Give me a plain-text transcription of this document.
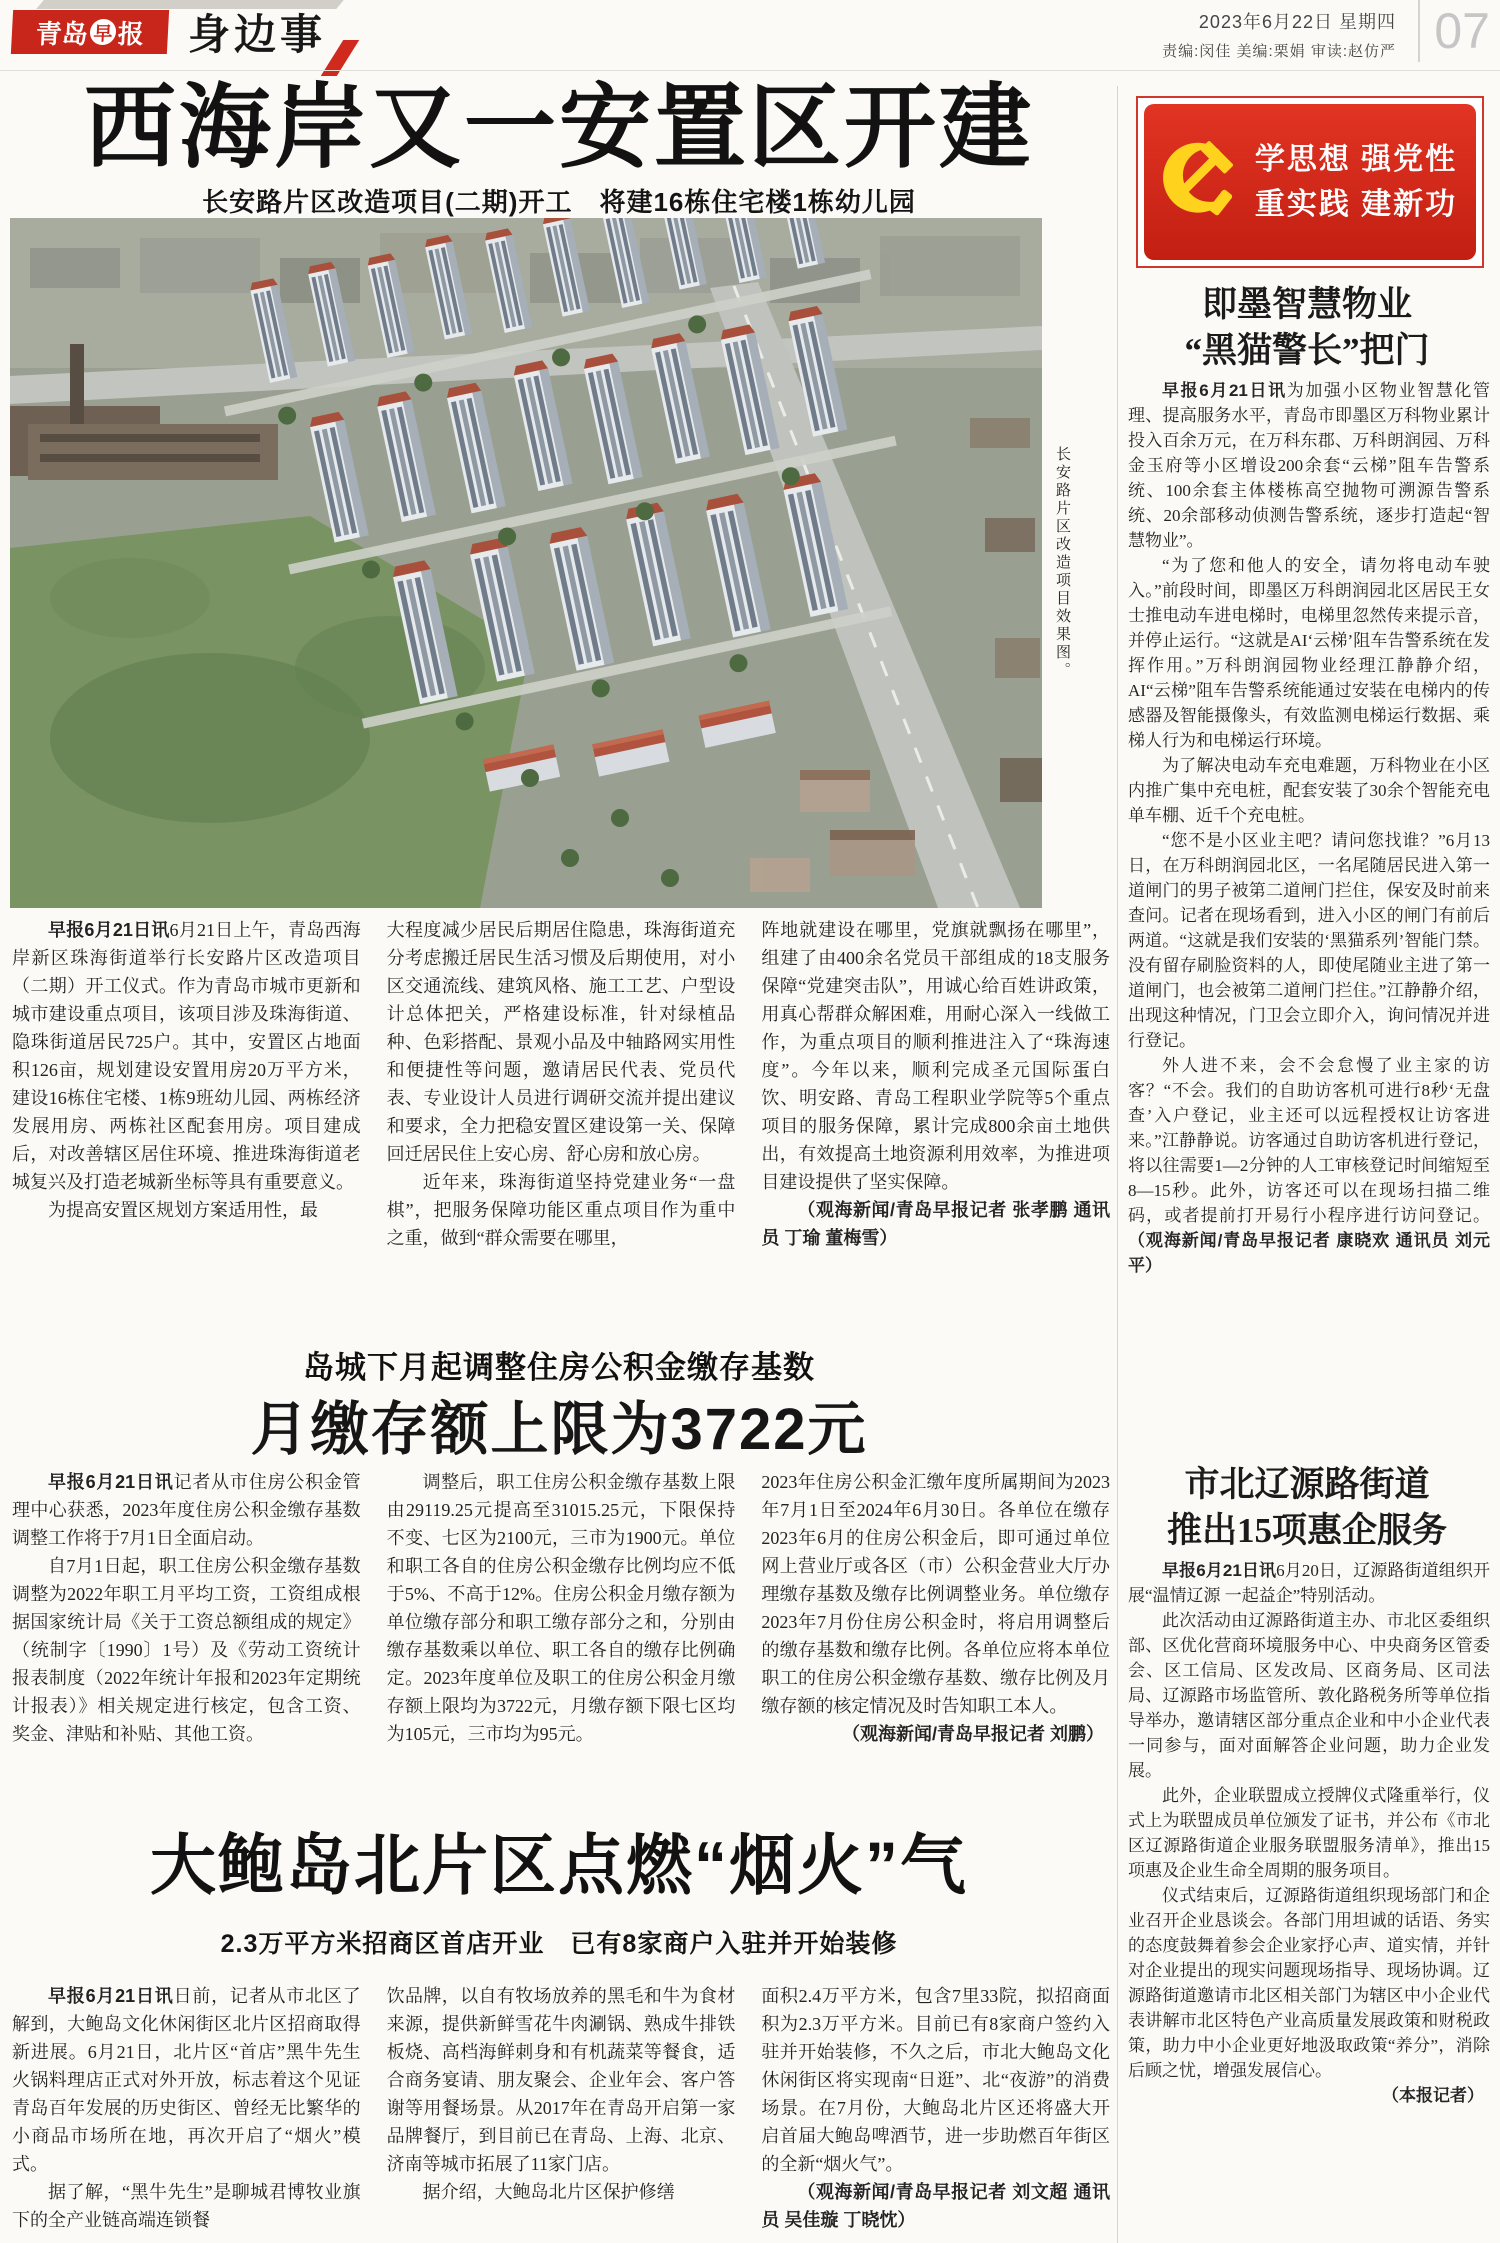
青岛 早 报 身边事	2023年6月22日 星期四
责编:闵佳 美编:栗娟 审读:赵仿严 07
西海岸又一安置区开建
长安路片区改造项目(二期)开工　将建16栋住宅楼1栋幼儿园
长安路片区改造项目效果图。

早报6月21日讯6月21日上午，青岛西海岸新区珠海街道举行长安路片区改造项目（二期）开工仪式。作为青岛市城市更新和城市建设重点项目，该项目涉及珠海街道、隐珠街道居民725户。其中，安置区占地面积126亩，规划建设安置用房20万平方米，建设16栋住宅楼、1栋9班幼儿园、两栋经济发展用房、两栋社区配套用房。项目建成后，对改善辖区居住环境、推进珠海街道老城复兴及打造老城新坐标等具有重要意义。

为提高安置区规划方案适用性，最

大程度减少居民后期居住隐患，珠海街道充分考虑搬迁居民生活习惯及后期使用，对小区交通流线、建筑风格、施工工艺、户型设计总体把关，严格建设标准，针对绿植品种、色彩搭配、景观小品及中轴路网实用性和便捷性等问题，邀请居民代表、党员代表、专业设计人员进行调研交流并提出建议和要求，全力把稳安置区建设第一关、保障回迁居民住上安心房、舒心房和放心房。

近年来，珠海街道坚持党建业务“一盘棋”，把服务保障功能区重点项目作为重中之重，做到“群众需要在哪里，

阵地就建设在哪里，党旗就飘扬在哪里”，组建了由400余名党员干部组成的18支服务保障“党建突击队”，用诚心给百姓讲政策，用真心帮群众解困难，用耐心深入一线做工作，为重点项目的顺利推进注入了“珠海速度”。今年以来，顺利完成圣元国际蛋白饮、明安路、青岛工程职业学院等5个重点项目的服务保障，累计完成800余亩土地供出，有效提高土地资源利用效率，为推进项目建设提供了坚实保障。

（观海新闻/青岛早报记者 张孝鹏 通讯员 丁瑜 董梅雪）

岛城下月起调整住房公积金缴存基数
月缴存额上限为3722元

早报6月21日讯记者从市住房公积金管理中心获悉，2023年度住房公积金缴存基数调整工作将于7月1日全面启动。

自7月1日起，职工住房公积金缴存基数调整为2022年职工月平均工资，工资组成根据国家统计局《关于工资总额组成的规定》（统制字〔1990〕1号）及《劳动工资统计报表制度（2022年统计年报和2023年定期统计报表）》相关规定进行核定，包含工资、奖金、津贴和补贴、其他工资。

调整后，职工住房公积金缴存基数上限由29119.25元提高至31015.25元，下限保持不变、七区为2100元，三市为1900元。单位和职工各自的住房公积金缴存比例均应不低于5%、不高于12%。住房公积金月缴存额为单位缴存部分和职工缴存部分之和，分别由缴存基数乘以单位、职工各自的缴存比例确定。2023年度单位及职工的住房公积金月缴存额上限均为3722元，月缴存额下限七区均为105元，三市均为95元。

2023年住房公积金汇缴年度所属期间为2023年7月1日至2024年6月30日。各单位在缴存2023年6月的住房公积金后，即可通过单位网上营业厅或各区（市）公积金营业大厅办理缴存基数及缴存比例调整业务。单位缴存2023年7月份住房公积金时，将启用调整后的缴存基数和缴存比例。各单位应将本单位职工的住房公积金缴存基数、缴存比例及月缴存额的核定情况及时告知职工本人。

（观海新闻/青岛早报记者 刘鹏）

大鲍岛北片区点燃“烟火”气
2.3万平方米招商区首店开业　已有8家商户入驻并开始装修

早报6月21日讯日前，记者从市北区了解到，大鲍岛文化休闲街区北片区招商取得新进展。6月21日，北片区“首店”黑牛先生火锅料理店正式对外开放，标志着这个见证青岛百年发展的历史街区、曾经无比繁华的小商品市场所在地，再次开启了“烟火”模式。

据了解，“黑牛先生”是聊城君博牧业旗下的全产业链高端连锁餐

饮品牌，以自有牧场放养的黑毛和牛为食材来源，提供新鲜雪花牛肉涮锅、熟成牛排铁板烧、高档海鲜刺身和有机蔬菜等餐食，适合商务宴请、朋友聚会、企业年会、客户答谢等用餐场景。从2017年在青岛开启第一家品牌餐厅，到目前已在青岛、上海、北京、济南等城市拓展了11家门店。

据介绍，大鲍岛北片区保护修缮

面积2.4万平方米，包含7里33院，拟招商面积为2.3万平方米。目前已有8家商户签约入驻并开始装修，不久之后，市北大鲍岛文化休闲街区将实现南“日逛”、北“夜游”的消费场景。在7月份，大鲍岛北片区还将盛大开启首届大鲍岛啤酒节，进一步助燃百年街区的全新“烟火气”。

（观海新闻/青岛早报记者 刘文超 通讯员 吴佳璇 丁晓忱）

学思想 强党性
重实践 建新功
即墨智慧物业
“黑猫警长”把门

早报6月21日讯为加强小区物业智慧化管理、提高服务水平，青岛市即墨区万科物业累计投入百余万元，在万科东郡、万科朗润园、万科金玉府等小区增设200余套“云梯”阻车告警系统、100余套主体楼栋高空抛物可溯源告警系统、20余部移动侦测告警系统，逐步打造起“智慧物业”。

“为了您和他人的安全，请勿将电动车驶入。”前段时间，即墨区万科朗润园北区居民王女士推电动车进电梯时，电梯里忽然传来提示音，并停止运行。“这就是AI‘云梯’阻车告警系统在发挥作用。”万科朗润园物业经理江静静介绍，AI“云梯”阻车告警系统能通过安装在电梯内的传感器及智能摄像头，有效监测电梯运行数据、乘梯人行为和电梯运行环境。

为了解决电动车充电难题，万科物业在小区内推广集中充电桩，配套安装了30余个智能充电单车棚、近千个充电桩。

“您不是小区业主吧？请问您找谁？”6月13日，在万科朗润园北区，一名尾随居民进入第一道闸门的男子被第二道闸门拦住，保安及时前来查问。记者在现场看到，进入小区的闸门有前后两道。“这就是我们安装的‘黑猫系列’智能门禁。没有留存刷脸资料的人，即使尾随业主进了第一道闸门，也会被第二道闸门拦住。”江静静介绍，出现这种情况，门卫会立即介入，询问情况并进行登记。

外人进不来，会不会怠慢了业主家的访客？“不会。我们的自助访客机可进行8秒‘无盘查’入户登记，业主还可以远程授权让访客进来。”江静静说。访客通过自助访客机进行登记，将以往需要1—2分钟的人工审核登记时间缩短至8—15秒。此外，访客还可以在现场扫描二维码，或者提前打开易行小程序进行访问登记。（观海新闻/青岛早报记者 康晓欢 通讯员 刘元平）

市北辽源路街道
推出15项惠企服务

早报6月21日讯6月20日，辽源路街道组织开展“温情辽源 一起益企”特别活动。

此次活动由辽源路街道主办、市北区委组织部、区优化营商环境服务中心、中央商务区管委会、区工信局、区发改局、区商务局、区司法局、辽源路市场监管所、敦化路税务所等单位指导举办，邀请辖区部分重点企业和中小企业代表一同参与，面对面解答企业问题，助力企业发展。

此外，企业联盟成立授牌仪式隆重举行，仪式上为联盟成员单位颁发了证书，并公布《市北区辽源路街道企业服务联盟服务清单》，推出15项惠及企业生命全周期的服务项目。

仪式结束后，辽源路街道组织现场部门和企业召开企业恳谈会。各部门用坦诚的话语、务实的态度鼓舞着参会企业家抒心声、道实情，并针对企业提出的现实问题现场指导、现场协调。辽源路街道邀请市北区相关部门为辖区中小企业代表讲解市北区特色产业高质量发展政策和财税政策，助力中小企业更好地汲取政策“养分”，消除后顾之忧，增强发展信心。

（本报记者）
